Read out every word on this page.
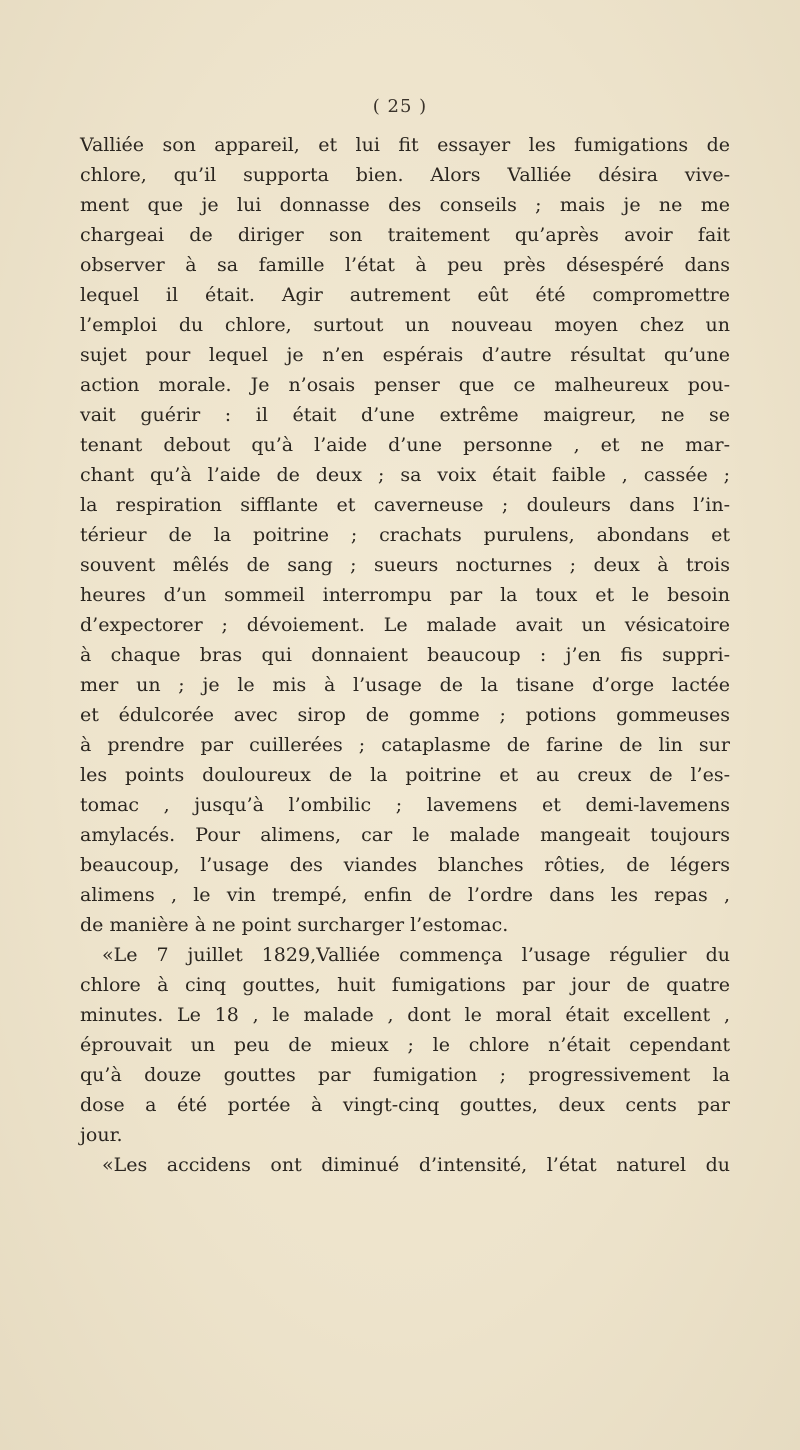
( 25 )
Valliée son appareil, et lui fit essayer les fumigations de
chlore, qu’il supporta bien. Alors Valliée désira vive-
ment que je lui donnasse des conseils ; mais je ne me
chargeai de diriger son traitement qu’après avoir fait
observer à sa famille l’état à peu près désespéré dans
lequel il était. Agir autrement eût été compromettre
l’emploi du chlore, surtout un nouveau moyen chez un
sujet pour lequel je n’en espérais d’autre résultat qu’une
action morale. Je n’osais penser que ce malheureux pou-
vait guérir : il était d’une extrême maigreur, ne se
tenant debout qu’à l’aide d’une personne , et ne mar-
chant qu’à l’aide de deux ; sa voix était faible , cassée ;
la respiration sifflante et caverneuse ; douleurs dans l’in-
térieur de la poitrine ; crachats purulens, abondans et
souvent mêlés de sang ; sueurs nocturnes ; deux à trois
heures d’un sommeil interrompu par la toux et le besoin
d’expectorer ; dévoiement. Le malade avait un vésicatoire
à chaque bras qui donnaient beaucoup : j’en fis suppri-
mer un ; je le mis à l’usage de la tisane d’orge lactée
et édulcorée avec sirop de gomme ; potions gommeuses
à prendre par cuillerées ; cataplasme de farine de lin sur
les points douloureux de la poitrine et au creux de l’es-
tomac , jusqu’à l’ombilic ; lavemens et demi-lavemens
amylacés. Pour alimens, car le malade mangeait toujours
beaucoup, l’usage des viandes blanches rôties, de légers
alimens , le vin trempé, enfin de l’ordre dans les repas ,
de manière à ne point surcharger l’estomac.
«Le 7 juillet 1829,Valliée commença l’usage régulier du
chlore à cinq gouttes, huit fumigations par jour de quatre
minutes. Le 18 , le malade , dont le moral était excellent ,
éprouvait un peu de mieux ; le chlore n’était cependant
qu’à douze gouttes par fumigation ; progressivement la
dose a été portée à vingt-cinq gouttes, deux cents par
jour.
«Les accidens ont diminué d’intensité, l’état naturel du
